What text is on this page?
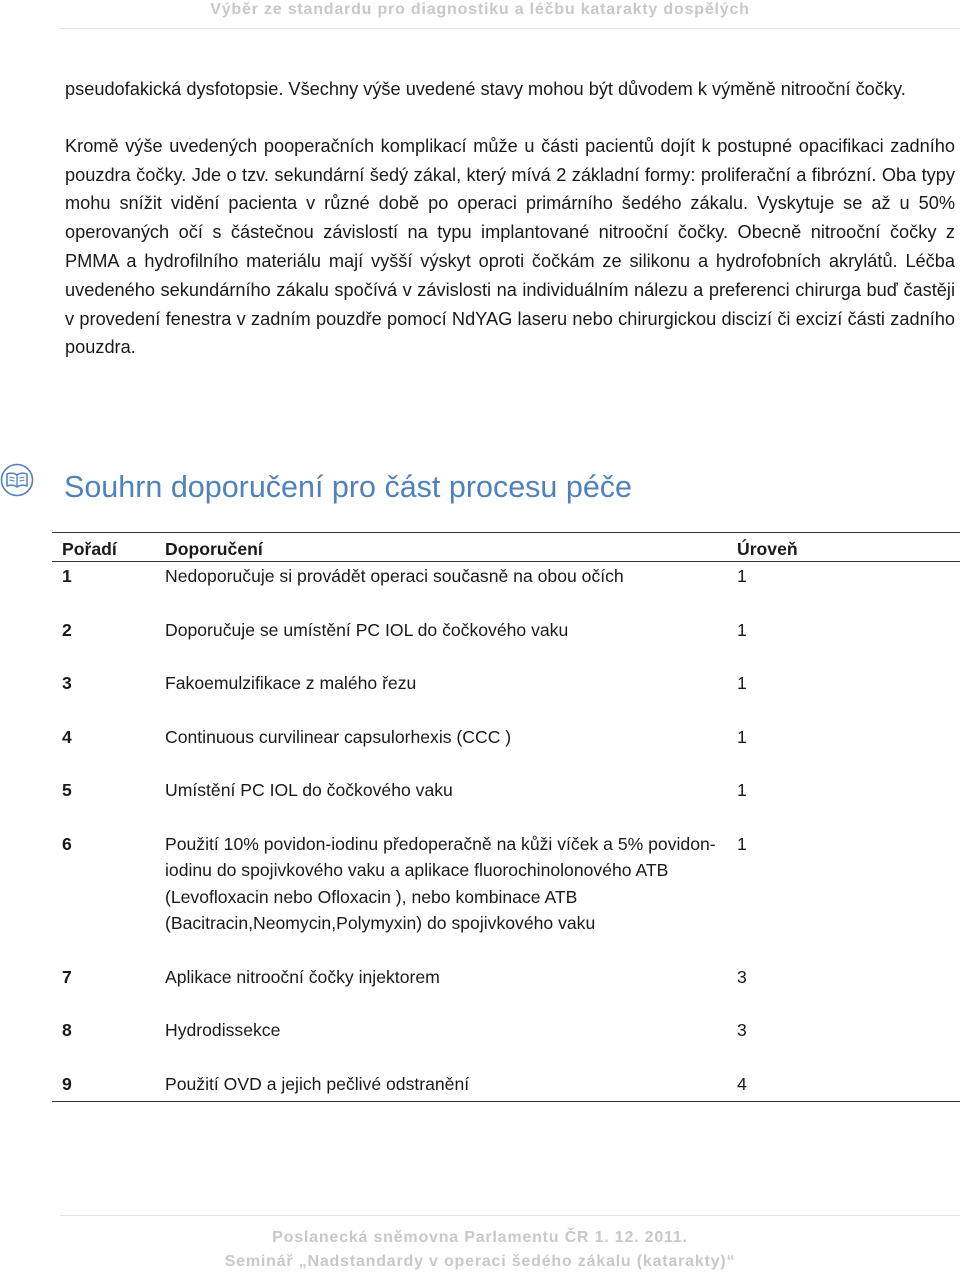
Výběr ze standardu pro diagnostiku a léčbu katarakty dospělých

pseudofakická dysfotopsie. Všechny výše uvedené stavy mohou být důvodem k výměně nitrooční čočky.

Kromě výše uvedených pooperačních komplikací může u části pacientů dojít k postupné opacifikaci zadního pouzdra čočky. Jde o tzv. sekundární šedý zákal, který mívá 2 základní formy: proliferační a fibrózní. Oba typy mohu snížit vidění pacienta v různé době po operaci primárního šedého zákalu. Vyskytuje se až u 50% operovaných očí s částečnou závislostí na typu implantované nitrooční čočky. Obecně nitrooční čočky z PMMA a hydrofilního materiálu mají vyšší výskyt oproti čočkám ze silikonu a hydrofobních akrylátů. Léčba uvedeného sekundárního zákalu spočívá v závislosti na individuálním nálezu a preferenci chirurga buď častěji v provedení fenestra v zadním pouzdře pomocí NdYAG laseru nebo chirurgickou discizí či excizí části zadního pouzdra.

Souhrn doporučení pro část procesu péče
Pořadí	Doporučení	Úroveň
1	Nedoporučuje si provádět operaci současně na obou očích	1
2	Doporučuje se umístění PC IOL do čočkového vaku	1
3	Fakoemulzifikace z malého řezu	1
4	Continuous curvilinear capsulorhexis (CCC )	1
5	Umístění PC IOL do čočkového vaku	1
6	Použití 10% povidon-iodinu předoperačně na kůži víček a 5% povidon-iodinu do spojivkového vaku a aplikace fluorochinolonového ATB (Levofloxacin nebo Ofloxacin ), nebo kombinace ATB (Bacitracin,Neomycin,Polymyxin) do spojivkového vaku	1
7	Aplikace nitrooční čočky injektorem	3
8	Hydrodissekce	3
9	Použití OVD a jejich pečlivé odstranění	4
Poslanecká sněmovna Parlamentu ČR 1. 12. 2011.
Seminář „Nadstandardy v operaci šedého zákalu (katarakty)“
